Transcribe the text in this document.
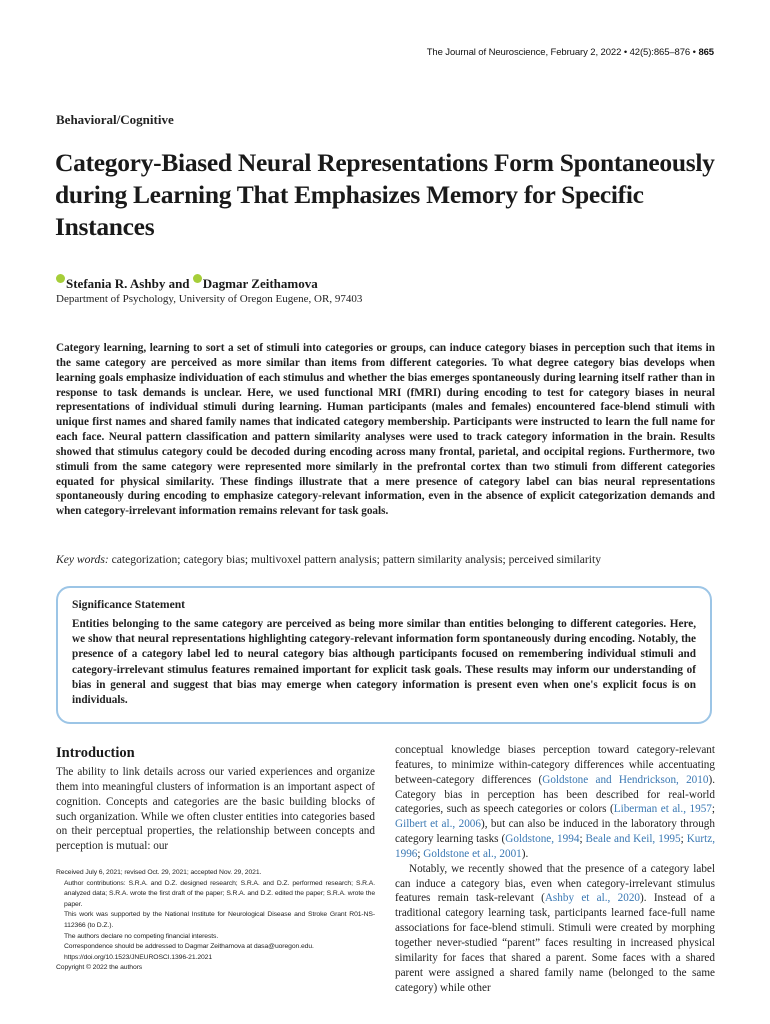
The Journal of Neuroscience, February 2, 2022 • 42(5):865–876 • 865
Behavioral/Cognitive
Category-Biased Neural Representations Form Spontaneously during Learning That Emphasizes Memory for Specific Instances
Stefania R. Ashby and Dagmar Zeithamova
Department of Psychology, University of Oregon Eugene, OR, 97403

Category learning, learning to sort a set of stimuli into categories or groups, can induce category biases in perception such that items in the same category are perceived as more similar than items from different categories. To what degree category bias develops when learning goals emphasize individuation of each stimulus and whether the bias emerges spontaneously during learning itself rather than in response to task demands is unclear. Here, we used functional MRI (fMRI) during encoding to test for category biases in neural representations of individual stimuli during learning. Human participants (males and females) encountered face-blend stimuli with unique first names and shared family names that indicated category membership. Participants were instructed to learn the full name for each face. Neural pattern classification and pattern similarity analyses were used to track category information in the brain. Results showed that stimulus category could be decoded during encoding across many frontal, parietal, and occipital regions. Furthermore, two stimuli from the same category were represented more similarly in the prefrontal cortex than two stimuli from different categories equated for physical similarity. These findings illustrate that a mere presence of category label can bias neural representations spontaneously during encoding to emphasize category-relevant information, even in the absence of explicit categorization demands and when category-irrelevant information remains relevant for task goals.

Key words: categorization; category bias; multivoxel pattern analysis; pattern similarity analysis; perceived similarity
Significance Statement

Entities belonging to the same category are perceived as being more similar than entities belonging to different categories. Here, we show that neural representations highlighting category-relevant information form spontaneously during encoding. Notably, the presence of a category label led to neural category bias although participants focused on remembering individual stimuli and category-irrelevant stimulus features remained important for explicit task goals. These results may inform our understanding of bias in general and suggest that bias may emerge when category information is present even when one's explicit focus is on individuals.

Introduction

The ability to link details across our varied experiences and organize them into meaningful clusters of information is an important aspect of cognition. Concepts and categories are the basic building blocks of such organization. While we often cluster entities into categories based on their perceptual properties, the relationship between concepts and perception is mutual: our

Received July 6, 2021; revised Oct. 29, 2021; accepted Nov. 29, 2021.

Author contributions: S.R.A. and D.Z. designed research; S.R.A. and D.Z. performed research; S.R.A. analyzed data; S.R.A. wrote the first draft of the paper; S.R.A. and D.Z. edited the paper; S.R.A. wrote the paper.

This work was supported by the National Institute for Neurological Disease and Stroke Grant R01-NS-112366 (to D.Z.).

The authors declare no competing financial interests.

Correspondence should be addressed to Dagmar Zeithamova at dasa@uoregon.edu.

https://doi.org/10.1523/JNEUROSCI.1396-21.2021

Copyright © 2022 the authors

conceptual knowledge biases perception toward category-relevant features, to minimize within-category differences while accentuating between-category differences (Goldstone and Hendrickson, 2010). Category bias in perception has been described for real-world categories, such as speech categories or colors (Liberman et al., 1957; Gilbert et al., 2006), but can also be induced in the laboratory through category learning tasks (Goldstone, 1994; Beale and Keil, 1995; Kurtz, 1996; Goldstone et al., 2001).

Notably, we recently showed that the presence of a category label can induce a category bias, even when category-irrelevant stimulus features remain task-relevant (Ashby et al., 2020). Instead of a traditional category learning task, participants learned face-full name associations for face-blend stimuli. Stimuli were created by morphing together never-studied “parent” faces resulting in increased physical similarity for faces that shared a parent. Some faces with a shared parent were assigned a shared family name (belonged to the same category) while other
